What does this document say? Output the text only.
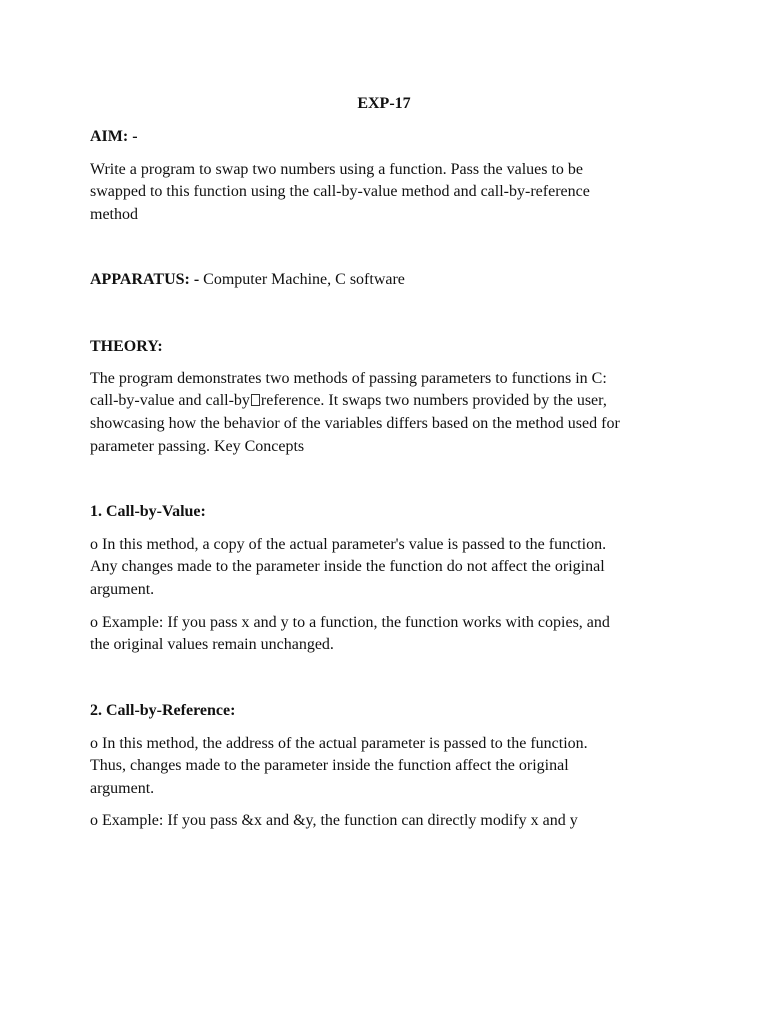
EXP-17
AIM: -
Write a program to swap two numbers using a function. Pass the values to be
swapped to this function using the call-by-value method and call-by-reference
method
APPARATUS: - Computer Machine, C software
THEORY:
The program demonstrates two methods of passing parameters to functions in C:
call-by-value and call-by reference. It swaps two numbers provided by the user,
showcasing how the behavior of the variables differs based on the method used for
parameter passing. Key Concepts
1. Call-by-Value:
o In this method, a copy of the actual parameter's value is passed to the function.
Any changes made to the parameter inside the function do not affect the original
argument.
o Example: If you pass x and y to a function, the function works with copies, and
the original values remain unchanged.
2. Call-by-Reference:
o In this method, the address of the actual parameter is passed to the function.
Thus, changes made to the parameter inside the function affect the original
argument.
o Example: If you pass &x and &y, the function can directly modify x and y
